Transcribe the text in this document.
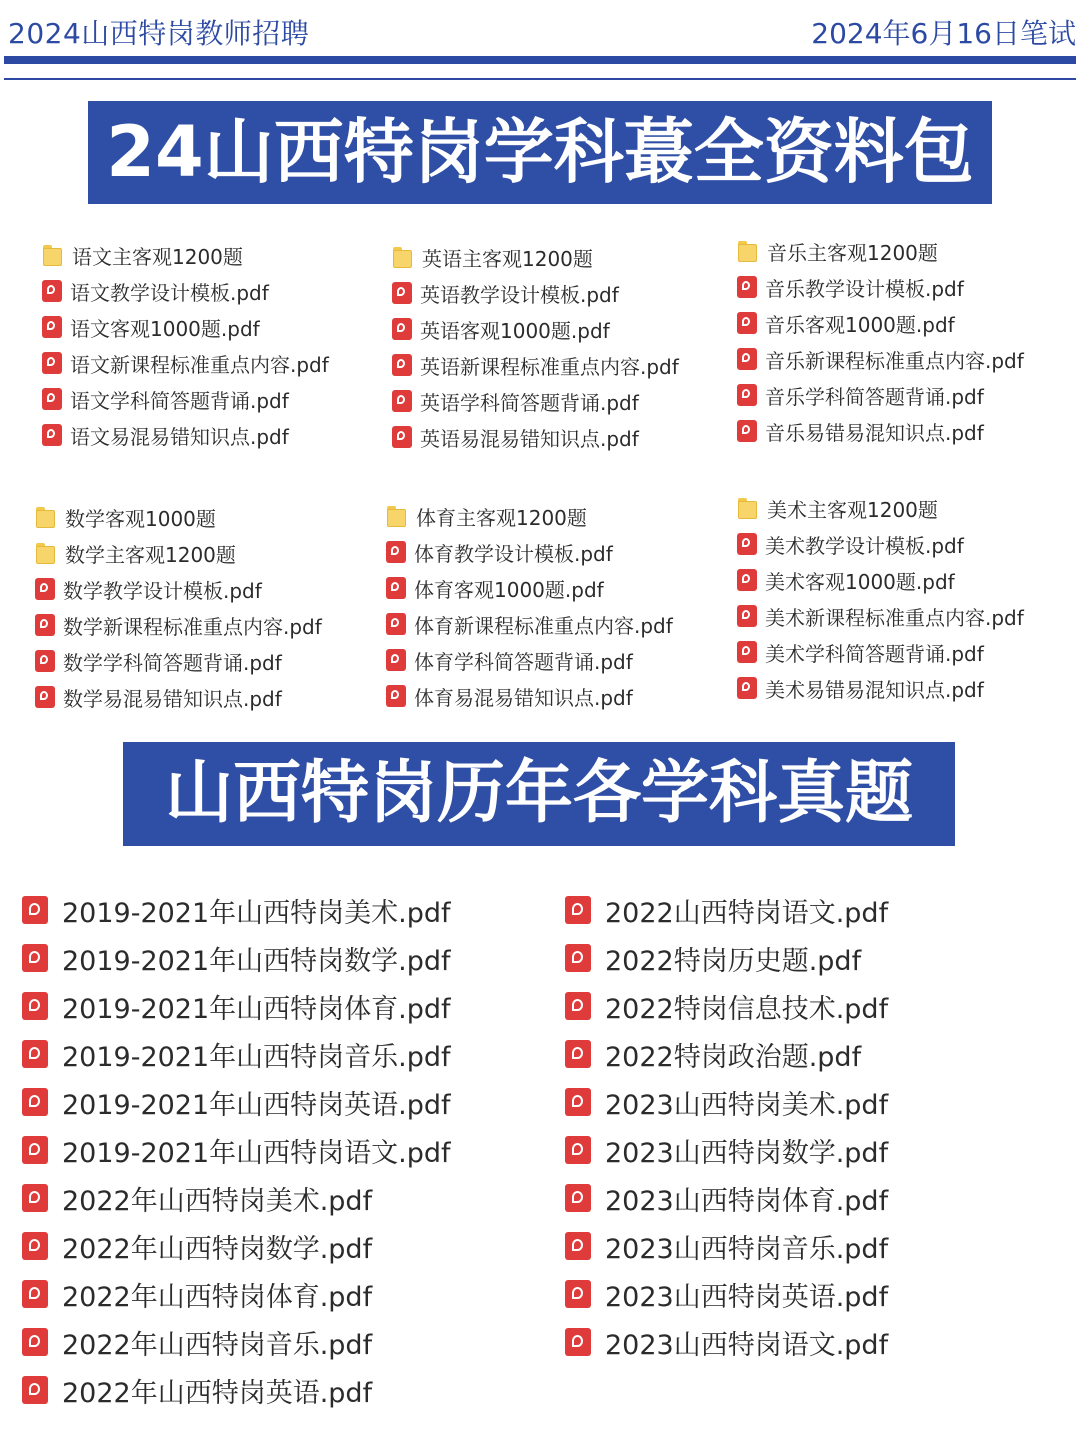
2024山西特岗教师招聘	2024年6月16日笔试
24山西特岗学科蕞全资料包
语文主客观1200题
语文教学设计模板.pdf
语文客观1000题.pdf
语文新课程标准重点内容.pdf
语文学科简答题背诵.pdf
语文易混易错知识点.pdf
英语主客观1200题
英语教学设计模板.pdf
英语客观1000题.pdf
英语新课程标准重点内容.pdf
英语学科简答题背诵.pdf
英语易混易错知识点.pdf
音乐主客观1200题
音乐教学设计模板.pdf
音乐客观1000题.pdf
音乐新课程标准重点内容.pdf
音乐学科简答题背诵.pdf
音乐易错易混知识点.pdf
数学客观1000题
数学主客观1200题
数学教学设计模板.pdf
数学新课程标准重点内容.pdf
数学学科简答题背诵.pdf
数学易混易错知识点.pdf
体育主客观1200题
体育教学设计模板.pdf
体育客观1000题.pdf
体育新课程标准重点内容.pdf
体育学科简答题背诵.pdf
体育易混易错知识点.pdf
美术主客观1200题
美术教学设计模板.pdf
美术客观1000题.pdf
美术新课程标准重点内容.pdf
美术学科简答题背诵.pdf
美术易错易混知识点.pdf
山西特岗历年各学科真题
2019-2021年山西特岗美术.pdf
2019-2021年山西特岗数学.pdf
2019-2021年山西特岗体育.pdf
2019-2021年山西特岗音乐.pdf
2019-2021年山西特岗英语.pdf
2019-2021年山西特岗语文.pdf
2022年山西特岗美术.pdf
2022年山西特岗数学.pdf
2022年山西特岗体育.pdf
2022年山西特岗音乐.pdf
2022年山西特岗英语.pdf
2022山西特岗语文.pdf
2022特岗历史题.pdf
2022特岗信息技术.pdf
2022特岗政治题.pdf
2023山西特岗美术.pdf
2023山西特岗数学.pdf
2023山西特岗体育.pdf
2023山西特岗音乐.pdf
2023山西特岗英语.pdf
2023山西特岗语文.pdf
